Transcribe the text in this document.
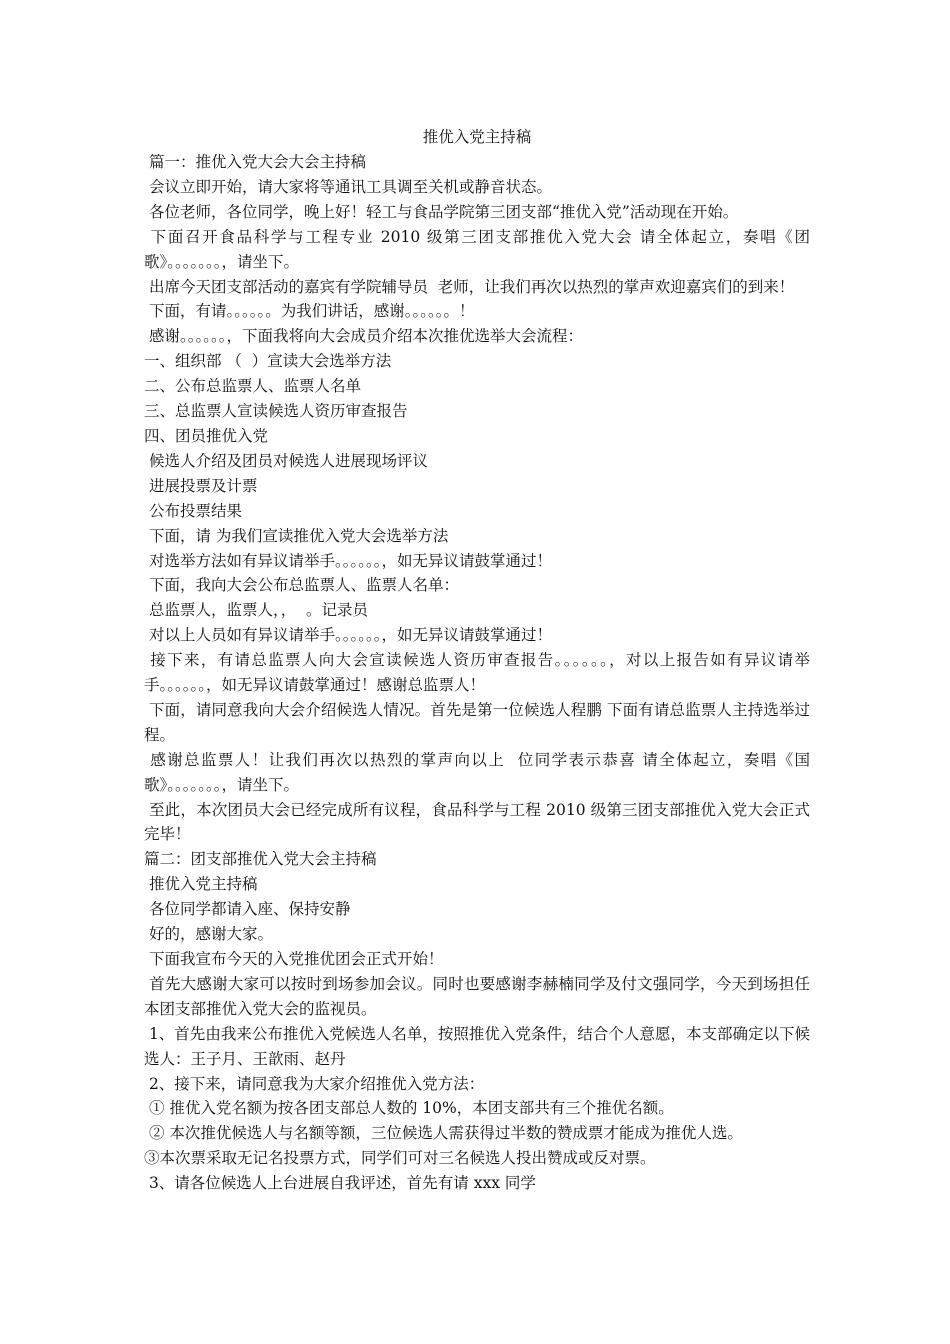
推优入党主持稿

篇一：推优入党大会大会主持稿

会议立即开始，请大家将等通讯工具调至关机或静音状态。

各位老师，各位同学，晚上好！轻工与食品学院第三团支部“推优入党”活动现在开始。

下面召开食品科学与工程专业 2010 级第三团支部推优入党大会 请全体起立，奏唱《团歌》。。。。。。。，请坐下。

出席今天团支部活动的嘉宾有学院辅导员  老师，让我们再次以热烈的掌声欢迎嘉宾们的到来！

下面，有请。。。。。。为我们讲话，感谢。。。。。。！

感谢。。。。。。，下面我将向大会成员介绍本次推优选举大会流程：

一、组织部 （  ）宣读大会选举方法

二、公布总监票人、监票人名单

三、总监票人宣读候选人资历审查报告

四、团员推优入党

候选人介绍及团员对候选人进展现场评议

进展投票及计票

公布投票结果

下面，请 为我们宣读推优入党大会选举方法

对选举方法如有异议请举手。。。。。。，如无异议请鼓掌通过！

下面，我向大会公布总监票人、监票人名单：

总监票人，监票人，，  。记录员

对以上人员如有异议请举手。。。。。。，如无异议请鼓掌通过！

接下来，有请总监票人向大会宣读候选人资历审查报告。。。。。。，对以上报告如有异议请举手。。。。。。，如无异议请鼓掌通过！感谢总监票人！

下面，请同意我向大会介绍候选人情况。首先是第一位候选人程鹏 下面有请总监票人主持选举过程。

感谢总监票人！让我们再次以热烈的掌声向以上  位同学表示恭喜 请全体起立，奏唱《国歌》。。。。。。。，请坐下。

至此，本次团员大会已经完成所有议程，食品科学与工程 2010 级第三团支部推优入党大会正式完毕！

篇二：团支部推优入党大会主持稿

推优入党主持稿

各位同学都请入座、保持安静

好的，感谢大家。

下面我宣布今天的入党推优团会正式开始！

首先大感谢大家可以按时到场参加会议。同时也要感谢李赫楠同学及付文强同学，今天到场担任本团支部推优入党大会的监视员。

1、首先由我来公布推优入党候选人名单，按照推优入党条件，结合个人意愿，本支部确定以下候选人：王子月、王歆雨、赵丹

2、接下来，请同意我为大家介绍推优入党方法：

① 推优入党名额为按各团支部总人数的 10%，本团支部共有三个推优名额。

② 本次推优候选人与名额等额，三位候选人需获得过半数的赞成票才能成为推优人选。

③本次票采取无记名投票方式，同学们可对三名候选人投出赞成或反对票。

3、请各位候选人上台进展自我评述，首先有请 xxx 同学
